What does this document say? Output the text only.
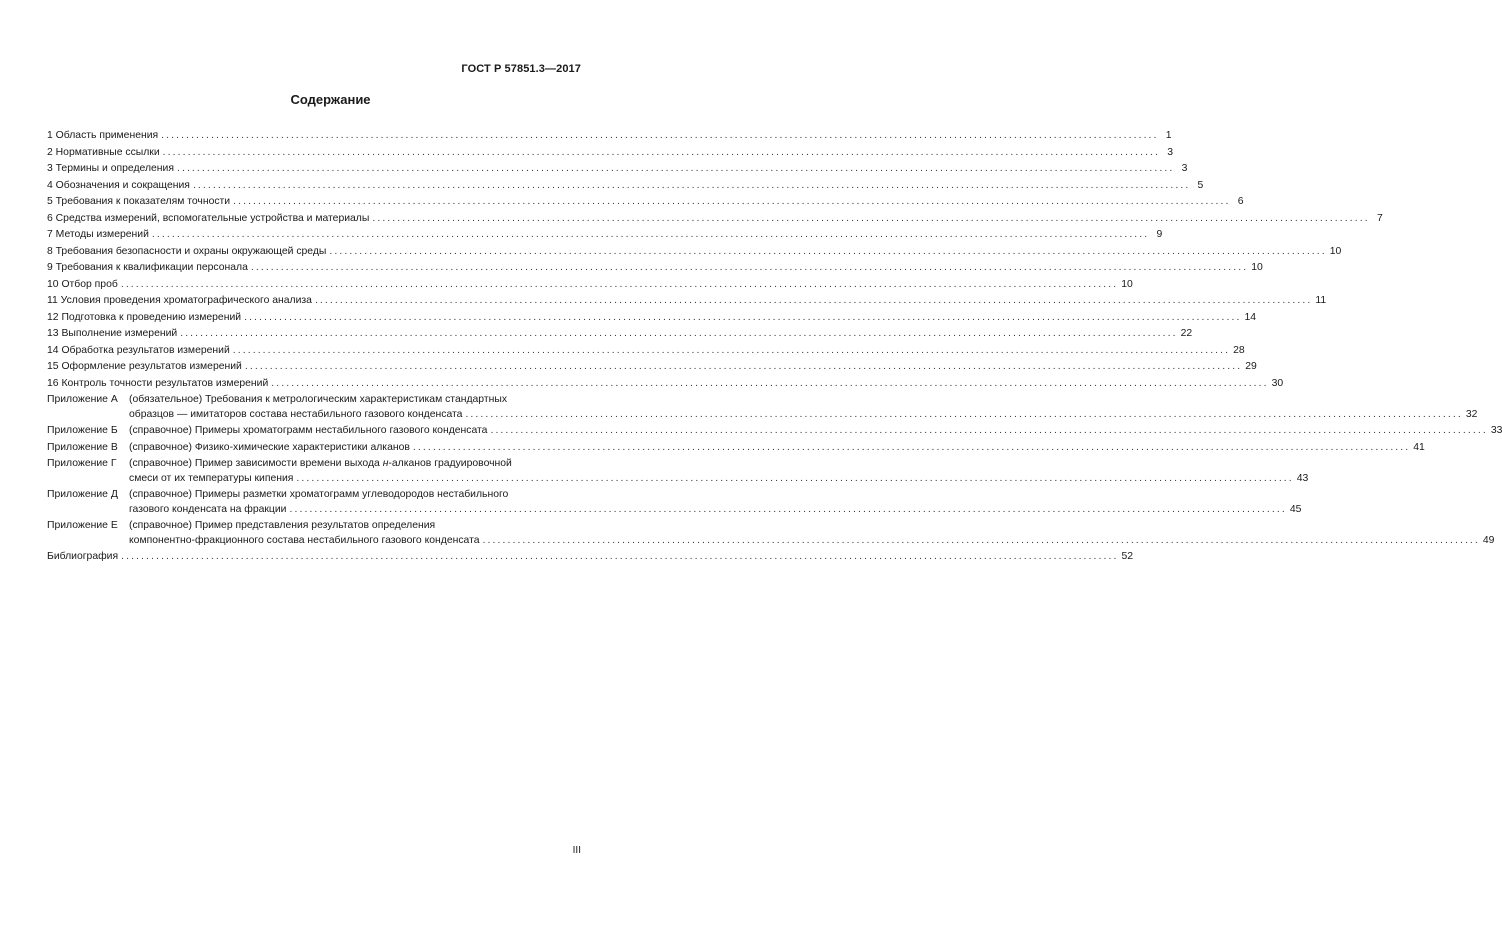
ГОСТ Р 57851.3—2017
Содержание
1 Область применения ........................................................................................................................................................................................................ 1
2 Нормативные ссылки ........................................................................................................................................................................................................ 3
3 Термины и определения ........................................................................................................................................................................................................ 3
4 Обозначения и сокращения ........................................................................................................................................................................................................ 5
5 Требования к показателям точности ........................................................................................................................................................................................................ 6
6 Средства измерений, вспомогательные устройства и материалы ........................................................................................................................................................................................................ 7
7 Методы измерений ........................................................................................................................................................................................................ 9
8 Требования безопасности и охраны окружающей среды ........................................................................................................................................................................................................ 10
9 Требования к квалификации персонала ........................................................................................................................................................................................................ 10
10 Отбор проб ........................................................................................................................................................................................................ 10
11 Условия проведения хроматографического анализа ........................................................................................................................................................................................................ 11
12 Подготовка к проведению измерений ........................................................................................................................................................................................................ 14
13 Выполнение измерений ........................................................................................................................................................................................................ 22
14 Обработка результатов измерений ........................................................................................................................................................................................................ 28
15 Оформление результатов измерений ........................................................................................................................................................................................................ 29
16 Контроль точности результатов измерений ........................................................................................................................................................................................................ 30
Приложение А	(обязательное) Требования к метрологическим характеристикам стандартных
образцов — имитаторов состава нестабильного газового конденсата ........................................................................................................................................................................................................ 32
Приложение Б (справочное) Примеры хроматограмм нестабильного газового конденсата ........................................................................................................................................................................................................ 33
Приложение В (справочное) Физико-химические характеристики алканов ........................................................................................................................................................................................................ 41
Приложение Г	(справочное) Пример зависимости времени выхода н-алканов градуировочной
смеси от их температуры кипения ........................................................................................................................................................................................................ 43
Приложение Д	(справочное) Примеры разметки хроматограмм углеводородов нестабильного
газового конденсата на фракции ........................................................................................................................................................................................................ 45
Приложение Е	(справочное) Пример представления результатов определения
компонентно-фракционного состава нестабильного газового конденсата ........................................................................................................................................................................................................ 49
Библиография ........................................................................................................................................................................................................ 52
III
